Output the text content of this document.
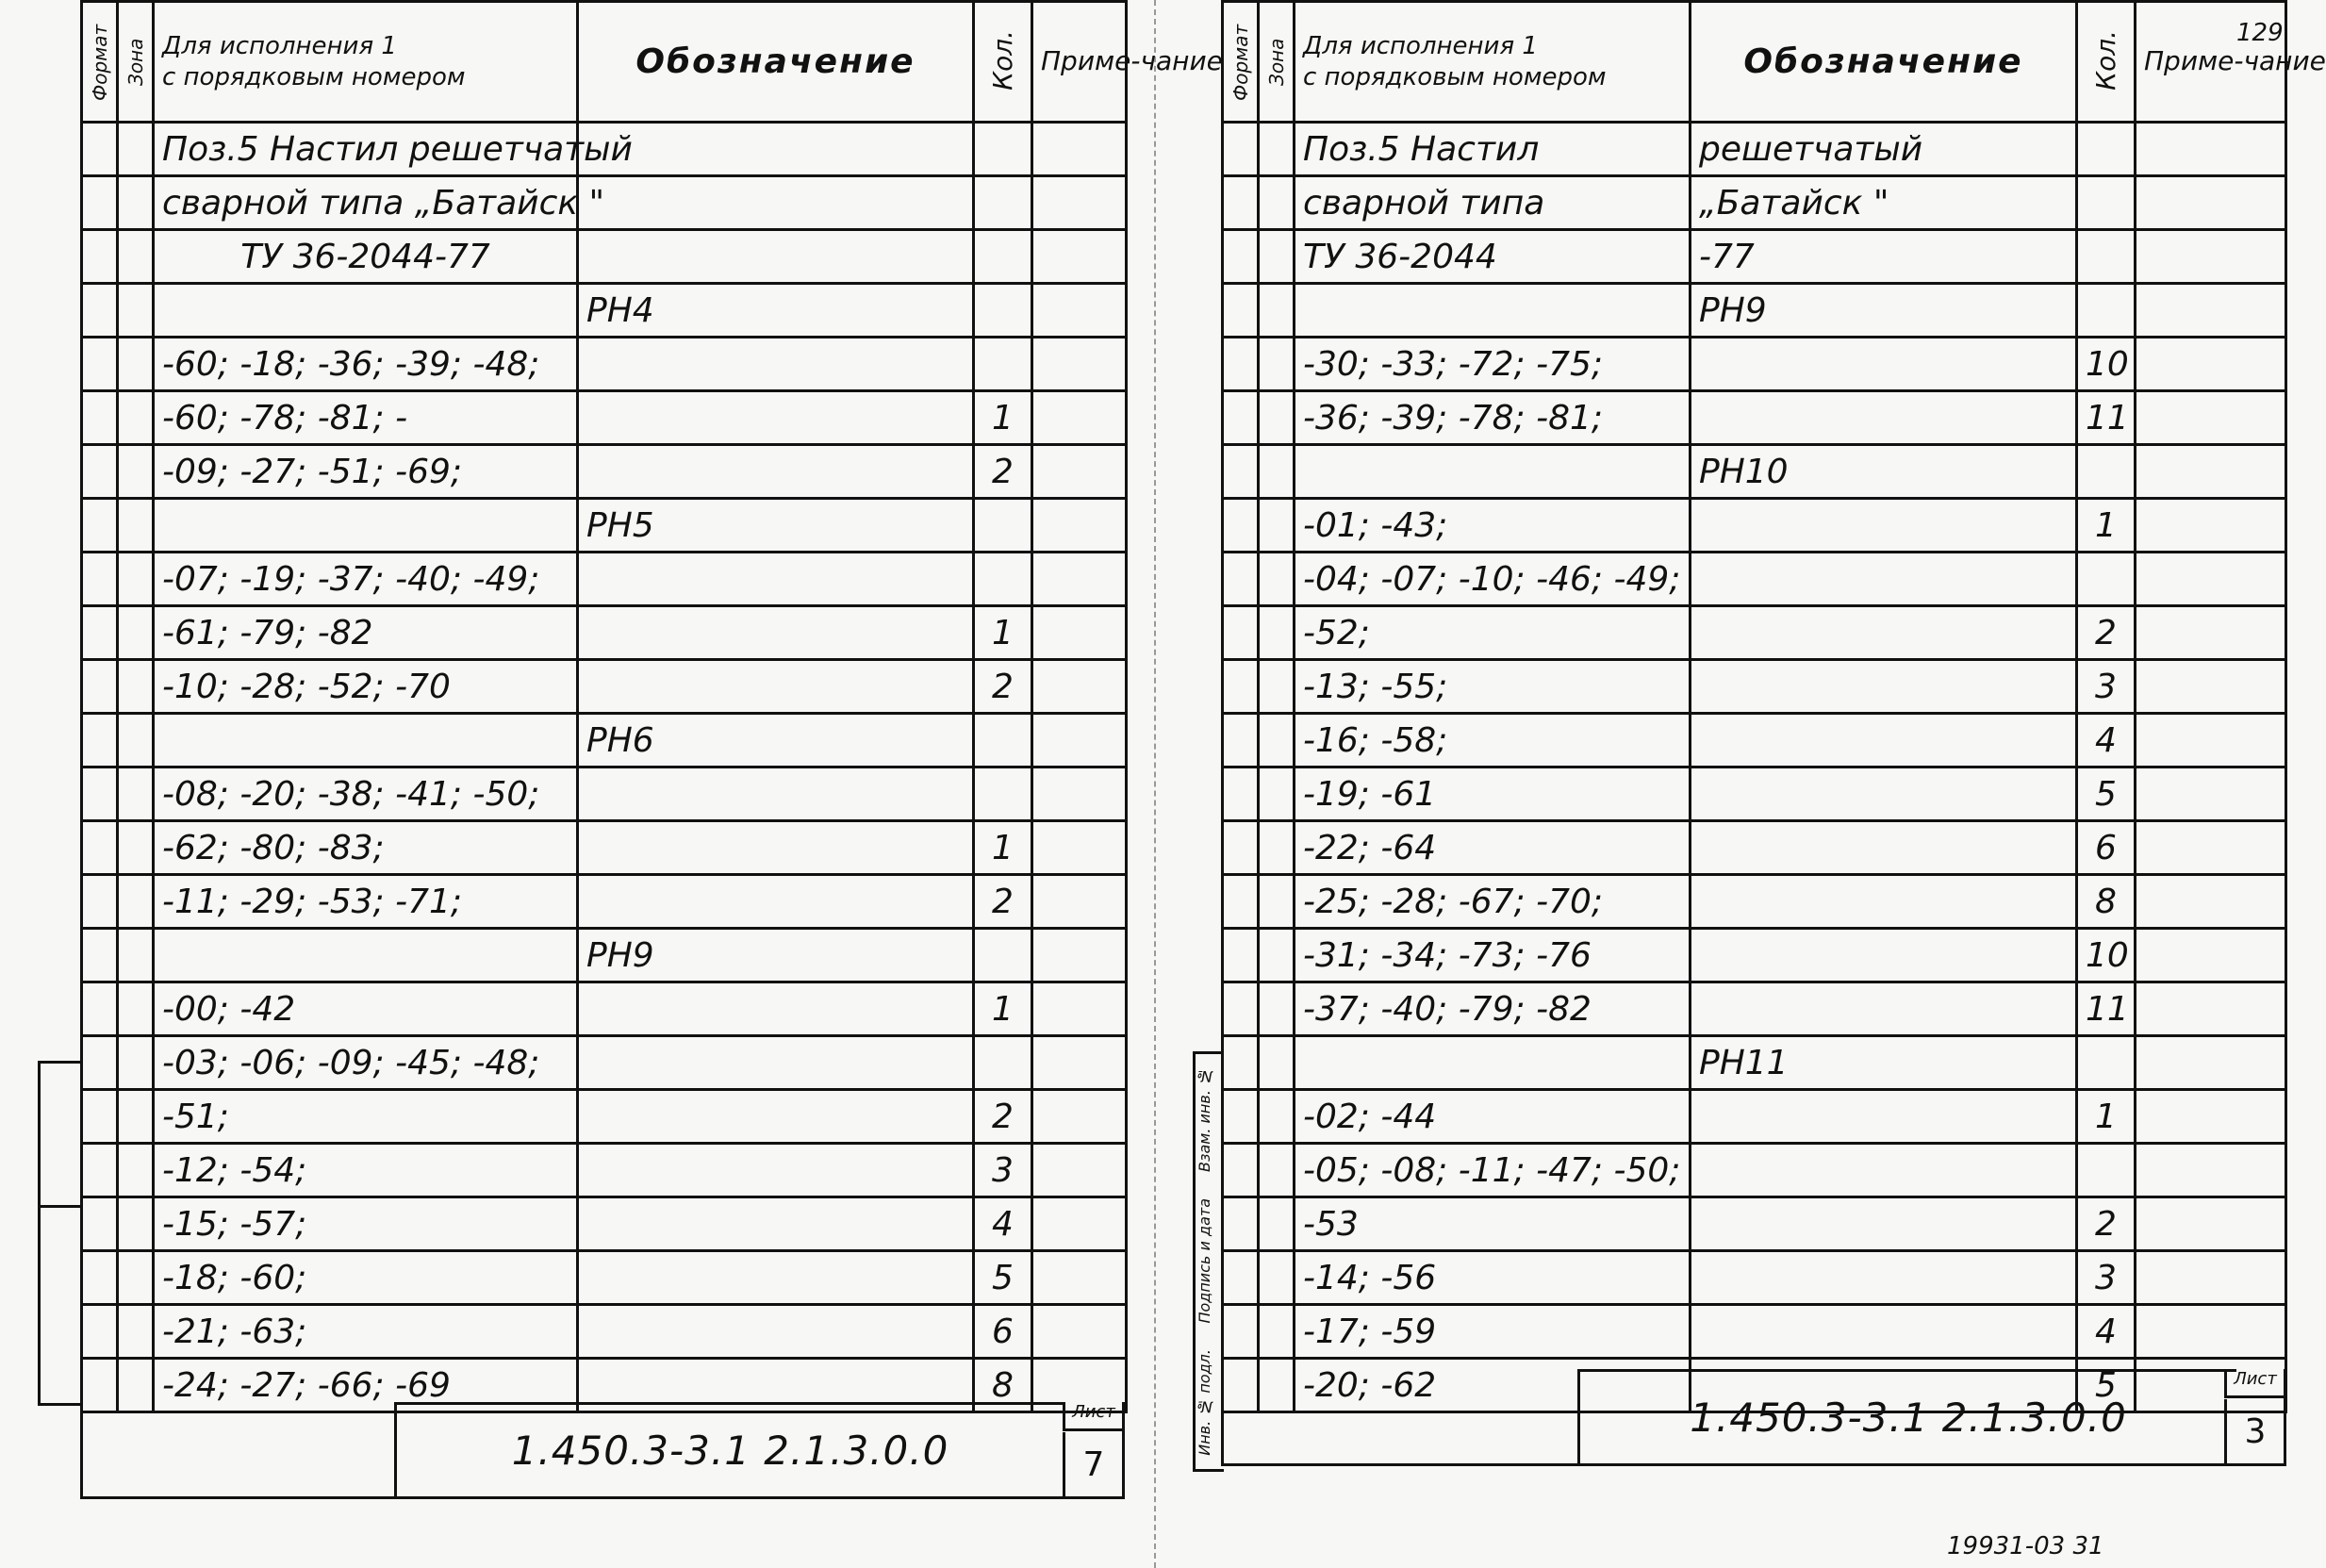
Формат	Зона	Для исполнения 1
с порядковым номером	Обозначение	Кол.	Приме-чание
		Поз.5 Настил решетчатый			
		сварной типа „Батайск "			
		ТУ 36-2044-77			
			РН4		
		-60; -18; -36; -39; -48;			
		-60; -78; -81; -		1	
		-09; -27; -51; -69;		2	
			РН5		
		-07; -19; -37; -40; -49;			
		-61; -79; -82		1	
		-10; -28; -52; -70		2	
			РН6		
		-08; -20; -38; -41; -50;			
		-62; -80; -83;		1	
		-11; -29; -53; -71;		2	
			РН9		
		-00; -42		1	
		-03; -06; -09; -45; -48;			
		-51;		2	
		-12; -54;		3	
		-15; -57;		4	
		-18; -60;		5	
		-21; -63;		6	
		-24; -27; -66; -69		8	
1.450.3-3.1 2.1.3.0.0
Лист
7
Взам. инв. №
Подпись и дата
Инв. № подл.
Формат	Зона	Для исполнения 1
с порядковым номером	Обозначение	Кол.	Приме-чание
		Поз.5 Настил	решетчатый		
		сварной типа	„Батайск "		
		ТУ 36-2044	-77		
			РН9		
		-30; -33; -72; -75;		10	
		-36; -39; -78; -81;		11	
			РН10		
		-01; -43;		1	
		-04; -07; -10; -46; -49;			
		-52;		2	
		-13; -55;		3	
		-16; -58;		4	
		-19; -61		5	
		-22; -64		6	
		-25; -28; -67; -70;		8	
		-31; -34; -73; -76		10	
		-37; -40; -79; -82		11	
			РН11		
		-02; -44		1	
		-05; -08; -11; -47; -50;			
		-53		2	
		-14; -56		3	
		-17; -59		4	
		-20; -62		5	
1.450.3-3.1 2.1.3.0.0
Лист
3
129
19931-03 31
